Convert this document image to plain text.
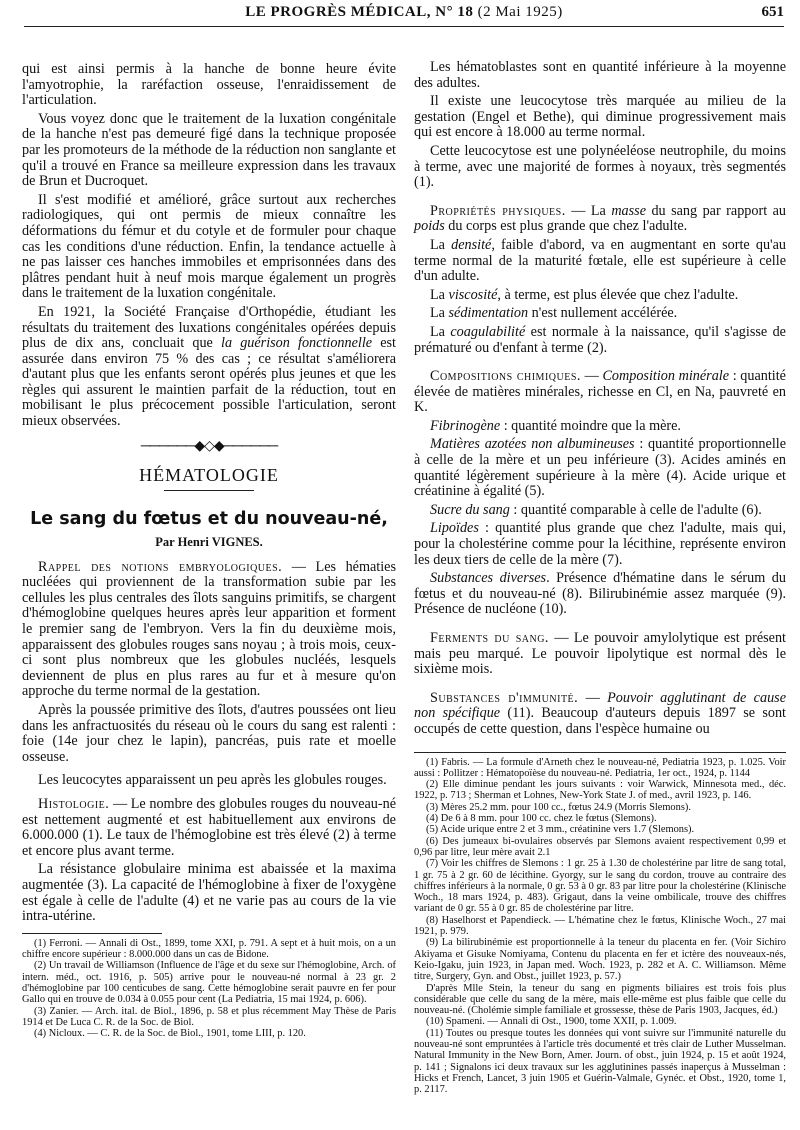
LE PROGRÈS MÉDICAL, N° 18 (2 Mai 1925)	651

qui est ainsi permis à la hanche de bonne heure évite l'amyotrophie, la raréfaction osseuse, l'enraidissement de l'articulation.

Vous voyez donc que le traitement de la luxation congénitale de la hanche n'est pas demeuré figé dans la technique proposée par les promoteurs de la méthode de la réduction non sanglante et qu'il a trouvé en France sa meilleure expression dans les travaux de Brun et Ducroquet.

Il s'est modifié et amélioré, grâce surtout aux recherches radiologiques, qui ont permis de mieux connaître les déformations du fémur et du cotyle et de formuler pour chaque cas les conditions d'une réduction. Enfin, la tendance actuelle à ne pas laisser ces hanches immobiles et emprisonnées dans des plâtres pendant huit à neuf mois marque également un progrès dans le traitement de la luxation congénitale.

En 1921, la Société Française d'Orthopédie, étudiant les résultats du traitement des luxations congénitales opérées depuis plus de dix ans, concluait que la guérison fonctionnelle est assurée dans environ 75 % des cas ; ce résultat s'améliorera d'autant plus que les enfants seront opérés plus jeunes et que les règles qui assurent le maintien parfait de la réduction, tout en mobilisant le plus précocement possible l'articulation, seront mieux observées.

──────◆◇◆──────
HÉMATOLOGIE
Le sang du fœtus et du nouveau-né,
Par Henri VIGNES.

Rappel des notions embryologiques. — Les hématies nucléées qui proviennent de la transformation subie par les cellules les plus centrales des îlots sanguins primitifs, se chargent d'hémoglobine quelques heures après leur apparition et forment le premier sang de l'embryon. Vers la fin du deuxième mois, apparaissent des globules rouges sans noyau ; à trois mois, ceux-ci sont plus nombreux que les globules nucléés, lesquels deviennent de plus en plus rares au fur et à mesure qu'on approche du terme normal de la gestation.

Après la poussée primitive des îlots, d'autres poussées ont lieu dans les anfractuosités du réseau où le cours du sang est ralenti : foie (14e jour chez le lapin), pancréas, puis rate et moelle osseuse.

Les leucocytes apparaissent un peu après les globules rouges.

Histologie. — Le nombre des globules rouges du nouveau-né est nettement augmenté et est habituellement aux environs de 6.000.000 (1). Le taux de l'hémoglobine est très élevé (2) à terme et encore plus avant terme.

La résistance globulaire minima est abaissée et la maxima augmentée (3). La capacité de l'hémoglobine à fixer de l'oxygène est égale à celle de l'adulte (4) et ne varie pas au cours de la vie intra-utérine.

(1) Ferroni. — Annali di Ost., 1899, tome XXI, p. 791. A sept et à huit mois, on a un chiffre encore supérieur : 8.000.000 dans un cas de Bidone.

(2) Un travail de Williamson (Influence de l'âge et du sexe sur l'hémoglobine, Arch. of intern. méd., oct. 1916, p. 505) arrive pour le nouveau-né normal à 23 gr. 2 d'hémoglobine par 100 centicubes de sang. Cette hémoglobine serait pauvre en fer pour Gallo qui en trouve de 0.034 à 0.055 pour cent (La Pediatria, 15 mai 1924, p. 606).

(3) Zanier. — Arch. ital. de Biol., 1896, p. 58 et plus récemment May Thèse de Paris 1914 et De Luca C. R. de la Soc. de Biol.

(4) Nicloux. — C. R. de la Soc. de Biol., 1901, tome LIII, p. 120.

Les hématoblastes sont en quantité inférieure à la moyenne des adultes.

Il existe une leucocytose très marquée au milieu de la gestation (Engel et Bethe), qui diminue progressivement mais qui est encore à 18.000 au terme normal.

Cette leucocytose est une polynéeléose neutrophile, du moins à terme, avec une majorité de formes à noyaux, très segmentés (1).

Propriétés physiques. — La masse du sang par rapport au poids du corps est plus grande que chez l'adulte.

La densité, faible d'abord, va en augmentant en sorte qu'au terme normal de la maturité fœtale, elle est supérieure à celle d'un adulte.

La viscosité, à terme, est plus élevée que chez l'adulte.

La sédimentation n'est nullement accélérée.

La coagulabilité est normale à la naissance, qu'il s'agisse de prématuré ou d'enfant à terme (2).

Compositions chimiques. — Composition minérale : quantité élevée de matières minérales, richesse en Cl, en Na, pauvreté en K.

Fibrinogène : quantité moindre que la mère.

Matières azotées non albumineuses : quantité proportionnelle à celle de la mère et un peu inférieure (3). Acides aminés en quantité légèrement supérieure à la mère (4). Acide urique et créatinine à égalité (5).

Sucre du sang : quantité comparable à celle de l'adulte (6).

Lipoïdes : quantité plus grande que chez l'adulte, mais qui, pour la cholestérine comme pour la lécithine, représente environ les deux tiers de celle de la mère (7).

Substances diverses. Présence d'hématine dans le sérum du fœtus et du nouveau-né (8). Bilirubinémie assez marquée (9). Présence de nucléone (10).

Ferments du sang. — Le pouvoir amylolytique est présent mais peu marqué. Le pouvoir lipolytique est normal dès le sixième mois.

Substances d'immunité. — Pouvoir agglutinant de cause non spécifique (11). Beaucoup d'auteurs depuis 1897 se sont occupés de cette question, dans l'espèce humaine ou

(1) Fabris. — La formule d'Arneth chez le nouveau-né, Pediatria 1923, p. 1.025. Voir aussi : Pollitzer : Hématopoïèse du nouveau-né. Pediatria, 1er oct., 1924, p. 1144

(2) Elle diminue pendant les jours suivants : voir Warwick, Minnesota med., déc. 1922, p. 713 ; Sherman et Lohnes, New-York State J. of med., avril 1923, p. 146.

(3) Mères 25.2 mm. pour 100 cc., fœtus 24.9 (Morris Slemons).

(4) De 6 à 8 mm. pour 100 cc. chez le fœtus (Slemons).

(5) Acide urique entre 2 et 3 mm., créatinine vers 1.7 (Slemons).

(6) Des jumeaux bi-ovulaires observés par Slemons avaient respectivement 0,99 et 0,96 par litre, leur mère avait 2.1

(7) Voir les chiffres de Slemons : 1 gr. 25 à 1.30 de cholestérine par litre de sang total, 1 gr. 75 à 2 gr. 60 de lécithine. Gyorgy, sur le sang du cordon, trouve au contraire des chiffres inférieurs à la normale, 0 gr. 53 à 0 gr. 83 par litre pour la cholestérine (Klinische Woch., 18 mars 1924, p. 483). Grigaut, dans la veine ombilicale, trouve des chiffres variant de 0 gr. 55 à 0 gr. 85 de cholestérine par litre.

(8) Haselhorst et Papendieck. — L'hématine chez le fœtus, Klinische Woch., 27 mai 1921, p. 979.

(9) La bilirubinémie est proportionnelle à la teneur du placenta en fer. (Voir Sichiro Akiyama et Gisuke Nomiyama, Contenu du placenta en fer et ictère des nouveaux-nés, Keio-Igaku, juin 1923, in Japan med. Woch. 1923, p. 282 et A. C. Williamson. Même titre, Surgery, Gyn. and Obst., juillet 1923, p. 57.)

D'après Mlle Stein, la teneur du sang en pigments biliaires est trois fois plus considérable que celle du sang de la mère, mais elle-même est plus faible que celle du nouveau-né. (Cholémie simple familiale et grossesse, thèse de Paris 1903, Jacques, éd.)

(10) Spameni. — Annali di Ost., 1900, tome XXII, p. 1.009.

(11) Toutes ou presque toutes les données qui vont suivre sur l'immunité naturelle du nouveau-né sont empruntées à l'article très documenté et très clair de Luther Musselman. Natural Immunity in the New Born, Amer. Journ. of obst., juin 1924, p. 15 et août 1924, p. 141 ; Signalons ici deux travaux sur les agglutinines passés inaperçus à Musselman : Hicks et French, Lancet, 3 juin 1905 et Guérin-Valmale, Gynéc. et Obst., 1920, tome 1, p. 2117.
